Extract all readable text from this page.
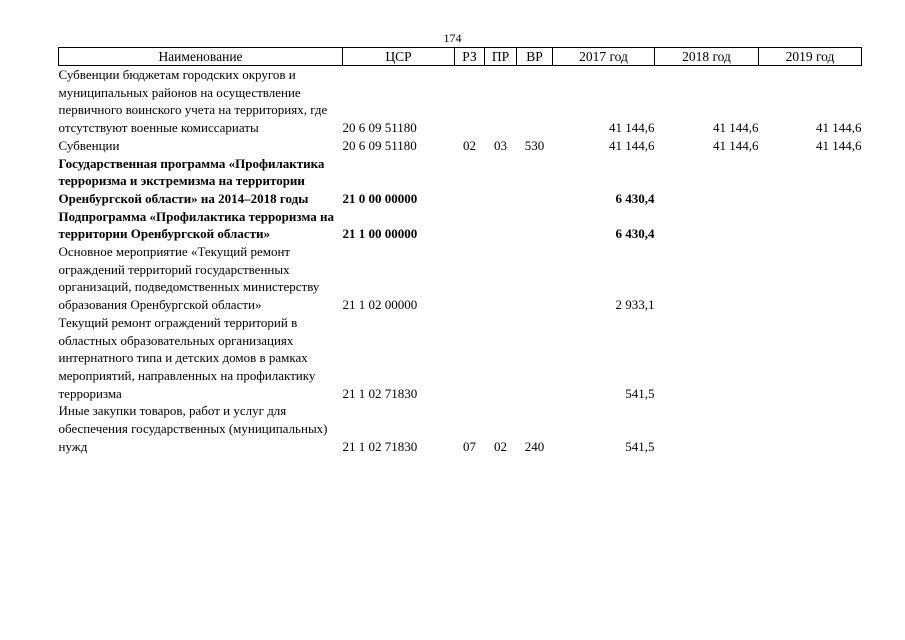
174
Наименование	ЦСР	РЗ	ПР	ВР	2017 год	2018 год	2019 год
Субвенции бюджетам городских округов и муниципальных районов на осуществление первичного воинского учета на территориях, где отсутствуют военные комиссариаты	20 6 09 51180				41 144,6	41 144,6	41 144,6
Субвенции	20 6 09 51180	02	03	530	41 144,6	41 144,6	41 144,6
Государственная программа «Профилактика терроризма и экстремизма на территории Оренбургской области» на 2014–2018 годы	21 0 00 00000				6 430,4		
Подпрограмма «Профилактика терроризма на территории Оренбургской области»	21 1 00 00000				6 430,4		
Основное мероприятие «Текущий ремонт ограждений территорий государственных организаций, подведомственных министерству образования Оренбургской области»	21 1 02 00000				2 933,1		
Текущий ремонт ограждений территорий в областных образовательных организациях интернатного типа и детских домов в рамках мероприятий, направленных на профилактику терроризма	21 1 02 71830				541,5		
Иные закупки товаров, работ и услуг для обеспечения государственных (муниципальных) нужд	21 1 02 71830	07	02	240	541,5		
